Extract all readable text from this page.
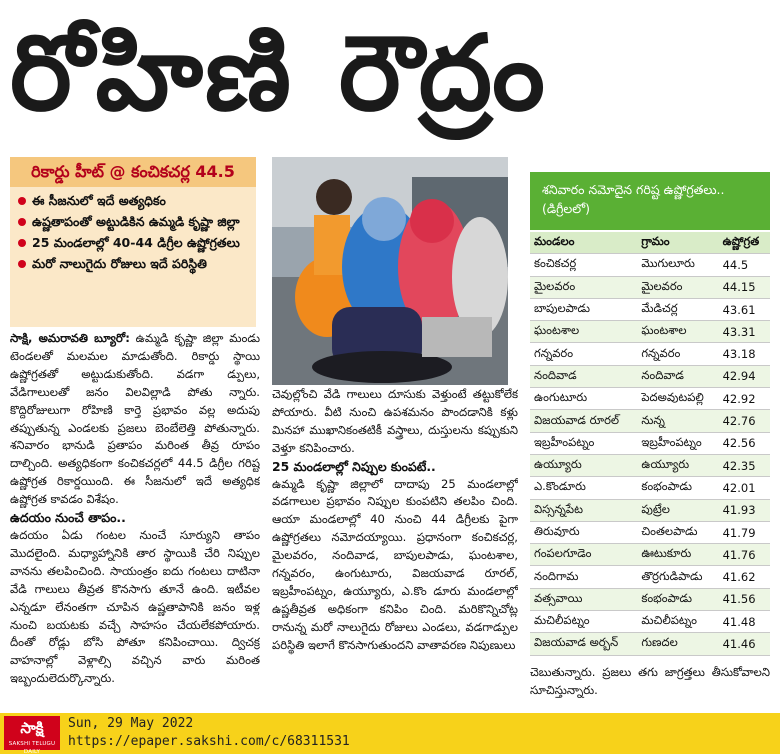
రోహిణి రౌద్రం
రికార్డు హీట్ @ కంచికచర్ల 44.5
ఈ సీజనులో ఇదే అత్యధికం
ఉష్ణతాపంతో అట్టుడికిన ఉమ్మడి కృష్ణా జిల్లా
25 మండలాల్లో 40-44 డిగ్రీల ఉష్ణోగ్రతలు
మరో నాలుగైదు రోజులు ఇదే పరిస్థితి

సాక్షి, అమరావతి బ్యూరో: ఉమ్మడి కృష్ణా జిల్లా మండు టెండలతో మలమల మాడుతోంది. రికార్డు స్థాయి ఉష్ణోగ్రతతో అట్టుడుకుతోంది. వడగా డ్పులు, వేడిగాలులతో జనం విలవిల్లాడి పోతు న్నారు. కొద్దిరోజులుగా రోహిణి కార్తె ప్రభావం వల్ల అదుపు తప్పుతున్న ఎండలకు ప్రజలు బెంబేలెత్తి పోతున్నారు. శనివారం భానుడి ప్రతాపం మరింత తీవ్ర రూపం దాల్చింది. అత్యధికంగా కంచికచర్లలో 44.5 డిగ్రీల గరిష్ట ఉష్ణోగ్రత రికార్డయింది. ఈ సీజనులో ఇదే అత్యధిక ఉష్ణోగ్రత కావడం విశేషం.

ఉదయం నుంచే తాపం..

ఉదయం ఏడు గంటల నుంచే సూర్యుని తాపం మొదలైంది. మధ్యాహ్నానికి తార స్థాయికి చేరి నిప్పుల వానను తలపించింది. సాయంత్రం ఐదు గంటలు దాటినా వేడి గాలులు తీవ్రత కొనసాగు తూనే ఉంది. ఇటీవల ఎన్నడూ లేనంతగా చూపిన ఉష్ణతాపానికి జనం ఇళ్ల నుంచి బయటకు వచ్చే సాహసం చేయలేకపోయారు. దీంతో రోడ్లు బోసి పోతూ కనిపించాయి. ద్విచక్ర వాహనాల్లో వెళ్లాల్సి వచ్చిన వారు మరింత ఇబ్బందులెదుర్కొన్నారు.

చెవుల్లోంచి వేడి గాలులు దూసుకు వెళ్తుంటే తట్టుకోలేక పోయారు. వీటి నుంచి ఉపశమనం పొందడానికి కళ్లు మినహా ముఖానికంతటికీ వస్త్రాలు, దుస్తులను కప్పుకుని వెళ్తూ కనిపించారు.

25 మండలాల్లో నిప్పుల కుంపటే..

ఉమ్మడి కృష్ణా జిల్లాలో దాదాపు 25 మండలాల్లో వడగాలుల ప్రభావం నిప్పుల కుంపటిని తలపిం చింది. ఆయా మండలాల్లో 40 నుంచి 44 డిగ్రీలకు పైగా ఉష్ణోగ్రతలు నమోదయ్యాయి. ప్రధానంగా కంచికచర్ల, మైలవరం, నందివాడ, బాపులపాడు, ఘంటశాల, గన్నవరం, ఉంగుటూరు, విజయవాడ రూరల్, ఇబ్రహీంపట్నం, ఉయ్యూరు, ఎ.కొం డూరు మండలాల్లో ఉష్ణతీవ్రత అధికంగా కనిపిం చింది. మరికొన్నిచోట్ల రానున్న మరో నాలుగైదు రోజులు ఎండలు, వడగాడ్పుల పరిస్థితి ఇలాగే కొనసాగుతుందని వాతావరణ నిపుణులు

శనివారం నమోదైన గరిష్ట ఉష్ణోగ్రతలు.. (డిగ్రీలలో)
మండలం	గ్రామం	ఉష్ణోగ్రత
కంచికచర్ల	మొగులూరు	44.5
మైలవరం	మైలవరం	44.15
బాపులపాడు	మేడిచర్ల	43.61
ఘంటశాల	ఘంటశాల	43.31
గన్నవరం	గన్నవరం	43.18
నందివాడ	నందివాడ	42.94
ఉంగుటూరు	పెదఅవుటపల్లి	42.92
విజయవాడ రూరల్	నున్న	42.76
ఇబ్రహీంపట్నం	ఇబ్రహీంపట్నం	42.56
ఉయ్యూరు	ఉయ్యూరు	42.35
ఎ.కొండూరు	కంభంపాడు	42.01
విస్సన్నపేట	పుట్రేల	41.93
తిరువూరు	చింతలపాడు	41.79
గంపలగూడెం	ఊటుకూరు	41.76
నందిగామ	తొర్రగుడిపాడు	41.62
వత్సవాయి	కంభంపాడు	41.56
మచిలీపట్నం	మచిలీపట్నం	41.48
విజయవాడ అర్బన్	గుణదల	41.46
చెబుతున్నారు. ప్రజలు తగు జాగ్రత్తలు తీసుకోవాలని సూచిస్తున్నారు.
సాక్షి
SAKSHI TELUGU DAILY
Sun, 29 May 2022
https://epaper.sakshi.com/c/68311531
